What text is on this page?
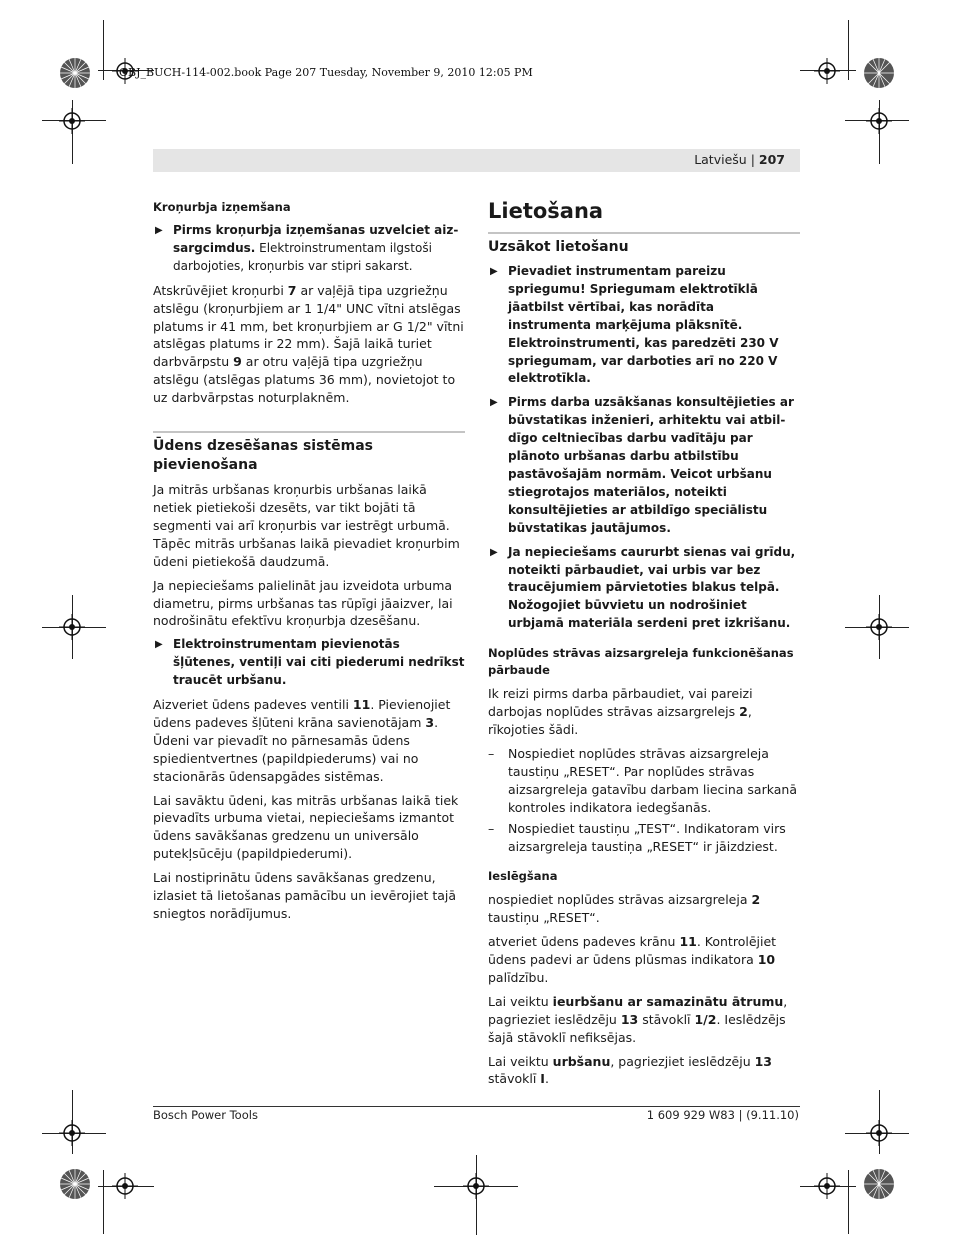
OBJ_BUCH-114-002.book Page 207 Tuesday, November 9, 2010 12:05 PM
Latviešu | 207
Kroņurbja izņemšana
▶ Pirms kroņurbja izņemšanas uzvelciet aizsargcimdus. Elektroinstrumentam ilgstoši darbojoties, kroņurbis var stipri sakarst.

Atskrūvējiet kroņurbi 7 ar vaļējā tipa uzgriežņu atslēgu (kroņurbjiem ar 1 1/4" UNC vītni atslēgas platums ir 41 mm, bet kroņurbjiem ar G 1/2" vītni atslēgas platums ir 22 mm). Šajā laikā turiet darbvārpstu 9 ar otru vaļējā tipa uzgriežņu atslēgu (atslēgas platums 36 mm), novietojot to uz darbvārpstas noturplaknēm.

Ūdens dzesēšanas sistēmas pievienošana

Ja mitrās urbšanas kroņurbis urbšanas laikā netiek pietiekoši dzesēts, var tikt bojāti tā segmenti vai arī kroņurbis var iestrēgt urbumā. Tāpēc mitrās urbšanas laikā pievadiet kroņurbim ūdeni pietiekošā daudzumā.

Ja nepieciešams palielināt jau izveidota urbuma diametru, pirms urbšanas tas rūpīgi jāaizver, lai nodrošinātu efektīvu kroņurbja dzesēšanu.

▶ Elektroinstrumentam pievienotās šļūtenes, ventiļi vai citi piederumi nedrīkst traucēt urbšanu.

Aizveriet ūdens padeves ventili 11. Pievienojiet ūdens padeves šļūteni krāna savienotājam 3. Ūdeni var pievadīt no pārnesamās ūdens spiedientvertnes (papildpiederums) vai no stacionārās ūdensapgādes sistēmas.

Lai savāktu ūdeni, kas mitrās urbšanas laikā tiek pievadīts urbuma vietai, nepieciešams izmantot ūdens savākšanas gredzenu un universālo putekļsūcēju (papildpiederumi).

Lai nostiprinātu ūdens savākšanas gredzenu, izlasiet tā lietošanas pamācību un ievērojiet tajā sniegtos norādījumus.

Lietošana
Uzsākot lietošanu
▶ Pievadiet instrumentam pareizu spriegumu! Spriegumam elektrotīklā jāatbilst vērtībai, kas norādīta instrumenta marķējuma plāksnītē. Elektroinstrumenti, kas paredzēti 230 V spriegumam, var darboties arī no 220 V elektrotīkla.
▶ Pirms darba uzsākšanas konsultējieties ar būvstatikas inženieri, arhitektu vai atbildīgo celtniecības darbu vadītāju par plānoto urbšanas darbu atbilstību pastāvošajām normām. Veicot urbšanu stiegrotajos materiālos, noteikti konsultējieties ar atbildīgo speciālistu būvstatikas jautājumos.
▶ Ja nepieciešams caururbt sienas vai grīdu, noteikti pārbaudiet, vai urbis var bez traucējumiem pārvietoties blakus telpā. Nožogojiet būvvietu un nodrošiniet urbjamā materiāla serdeni pret izkrišanu.
Noplūdes strāvas aizsargreleja funkcionēšanas pārbaude

Ik reizi pirms darba pārbaudiet, vai pareizi darbojas noplūdes strāvas aizsargrelejs 2, rīkojoties šādi.

– Nospiediet noplūdes strāvas aizsargreleja taustiņu „RESET“. Par noplūdes strāvas aizsargreleja gatavību darbam liecina sarkanā kontroles indikatora iedegšanās.
– Nospiediet taustiņu „TEST“. Indikatoram virs aizsargreleja taustiņa „RESET“ ir jāizdziest.
Ieslēgšana

nospiediet noplūdes strāvas aizsargreleja 2 taustiņu „RESET“.

atveriet ūdens padeves krānu 11. Kontrolējiet ūdens padevi ar ūdens plūsmas indikatora 10 palīdzību.

Lai veiktu ieurbšanu ar samazinātu ātrumu, pagrieziet ieslēdzēju 13 stāvoklī 1/2. Ieslēdzējs šajā stāvoklī nefiksējas.

Lai veiktu urbšanu, pagriezjiet ieslēdzēju 13 stāvoklī I.

Bosch Power Tools	1 609 929 W83 | (9.11.10)
